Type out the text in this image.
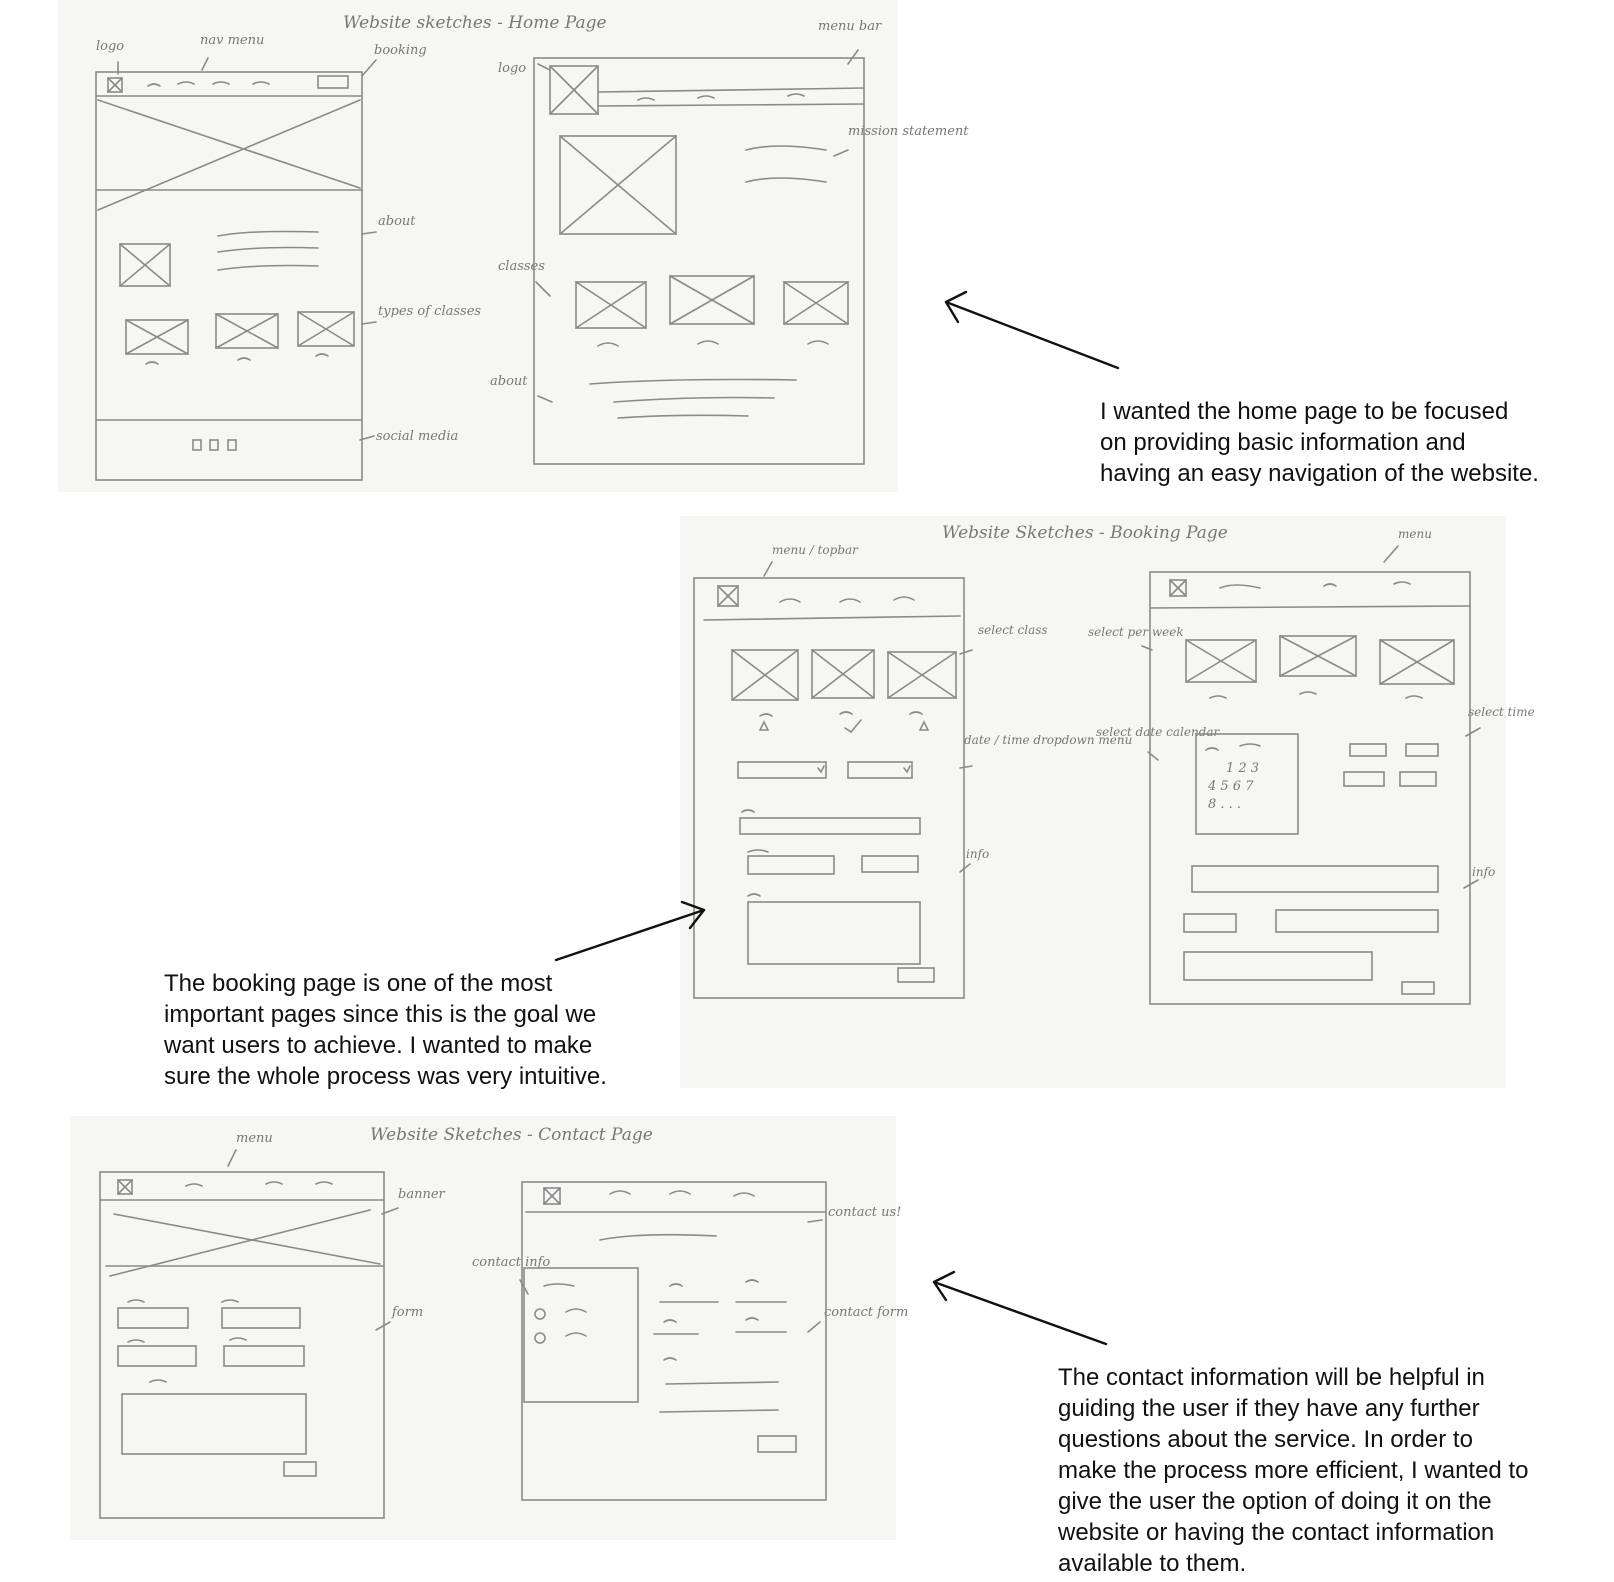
Website sketches - Home Page
logo	nav menu
booking
about
types of classes
social media
menu bar
logo
mission statement
classes
about
Website Sketches - Booking Page
menu / topbar
select class
date / time dropdown menu
info
menu
select per week
select date calendar
select time
info
1 2 3
4 5 6 7
8 . . .
Website Sketches - Contact Page
menu
banner
form
contact info
contact us!
contact form
I wanted the home page to be focused
on providing basic information and
having an easy navigation of the website.
The booking page is one of the most
important pages since this is the goal we
want users to achieve. I wanted to make
sure the whole process was very intuitive.
The contact information will be helpful in
guiding the user if they have any further
questions about the service. In order to
make the process more efficient, I wanted to
give the user the option of doing it on the
website or having the contact information
available to them.
